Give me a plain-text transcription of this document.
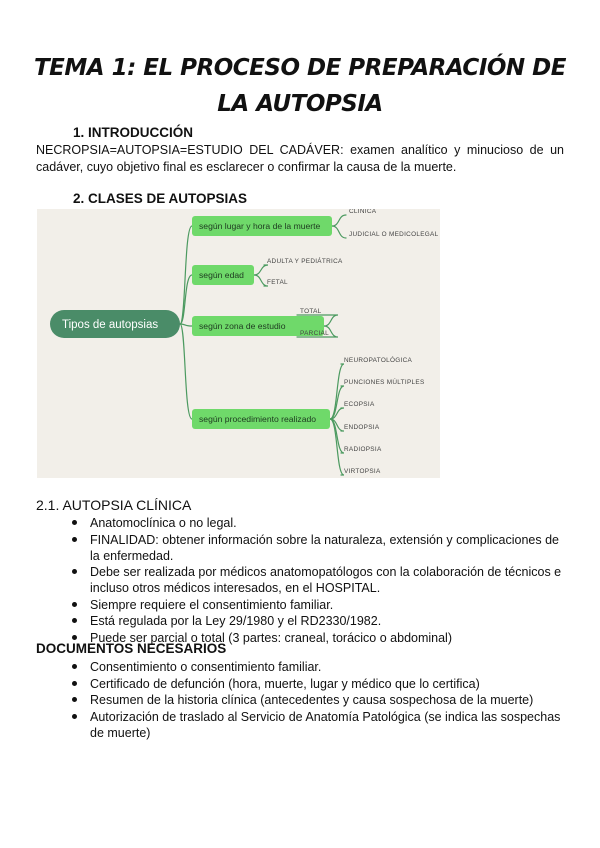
TEMA 1: EL PROCESO DE PREPARACIÓN DE LA AUTOPSIA
1. INTRODUCCIÓN

NECROPSIA=AUTOPSIA=ESTUDIO DEL CADÁVER: examen analítico y minucioso de un cadáver, cuyo objetivo final es esclarecer o confirmar la causa de la muerte.

2. CLASES DE AUTOPSIAS
según lugar y hora de la muerte
CLÍNICA
JUDICIAL O MEDICOLEGAL
según edad
ADULTA Y PEDIÁTRICA
FETAL
según zona de estudio
TOTAL
PARCIAL
según procedimiento realizado
NEUROPATOLÓGICA
PUNCIONES MÚLTIPLES
ECOPSIA
ENDOPSIA
RADIOPSIA
VIRTOPSIA
Tipos de autopsias
2.1. AUTOPSIA CLÍNICA
Anatomoclínica o no legal.
FINALIDAD: obtener información sobre la naturaleza, extensión y complicaciones de la enfermedad.
Debe ser realizada por médicos anatomopatólogos con la colaboración de técnicos e incluso otros médicos interesados, en el HOSPITAL.
Siempre requiere el consentimiento familiar.
Está regulada por la Ley 29/1980 y el RD2330/1982.
Puede ser parcial o total (3 partes: craneal, torácico o abdominal)
DOCUMENTOS NECESARIOS
Consentimiento o consentimiento familiar.
Certificado de defunción (hora, muerte, lugar y médico que lo certifica)
Resumen de la historia clínica (antecedentes y causa sospechosa de la muerte)
Autorización de traslado al Servicio de Anatomía Patológica (se indica las sospechas de muerte)
